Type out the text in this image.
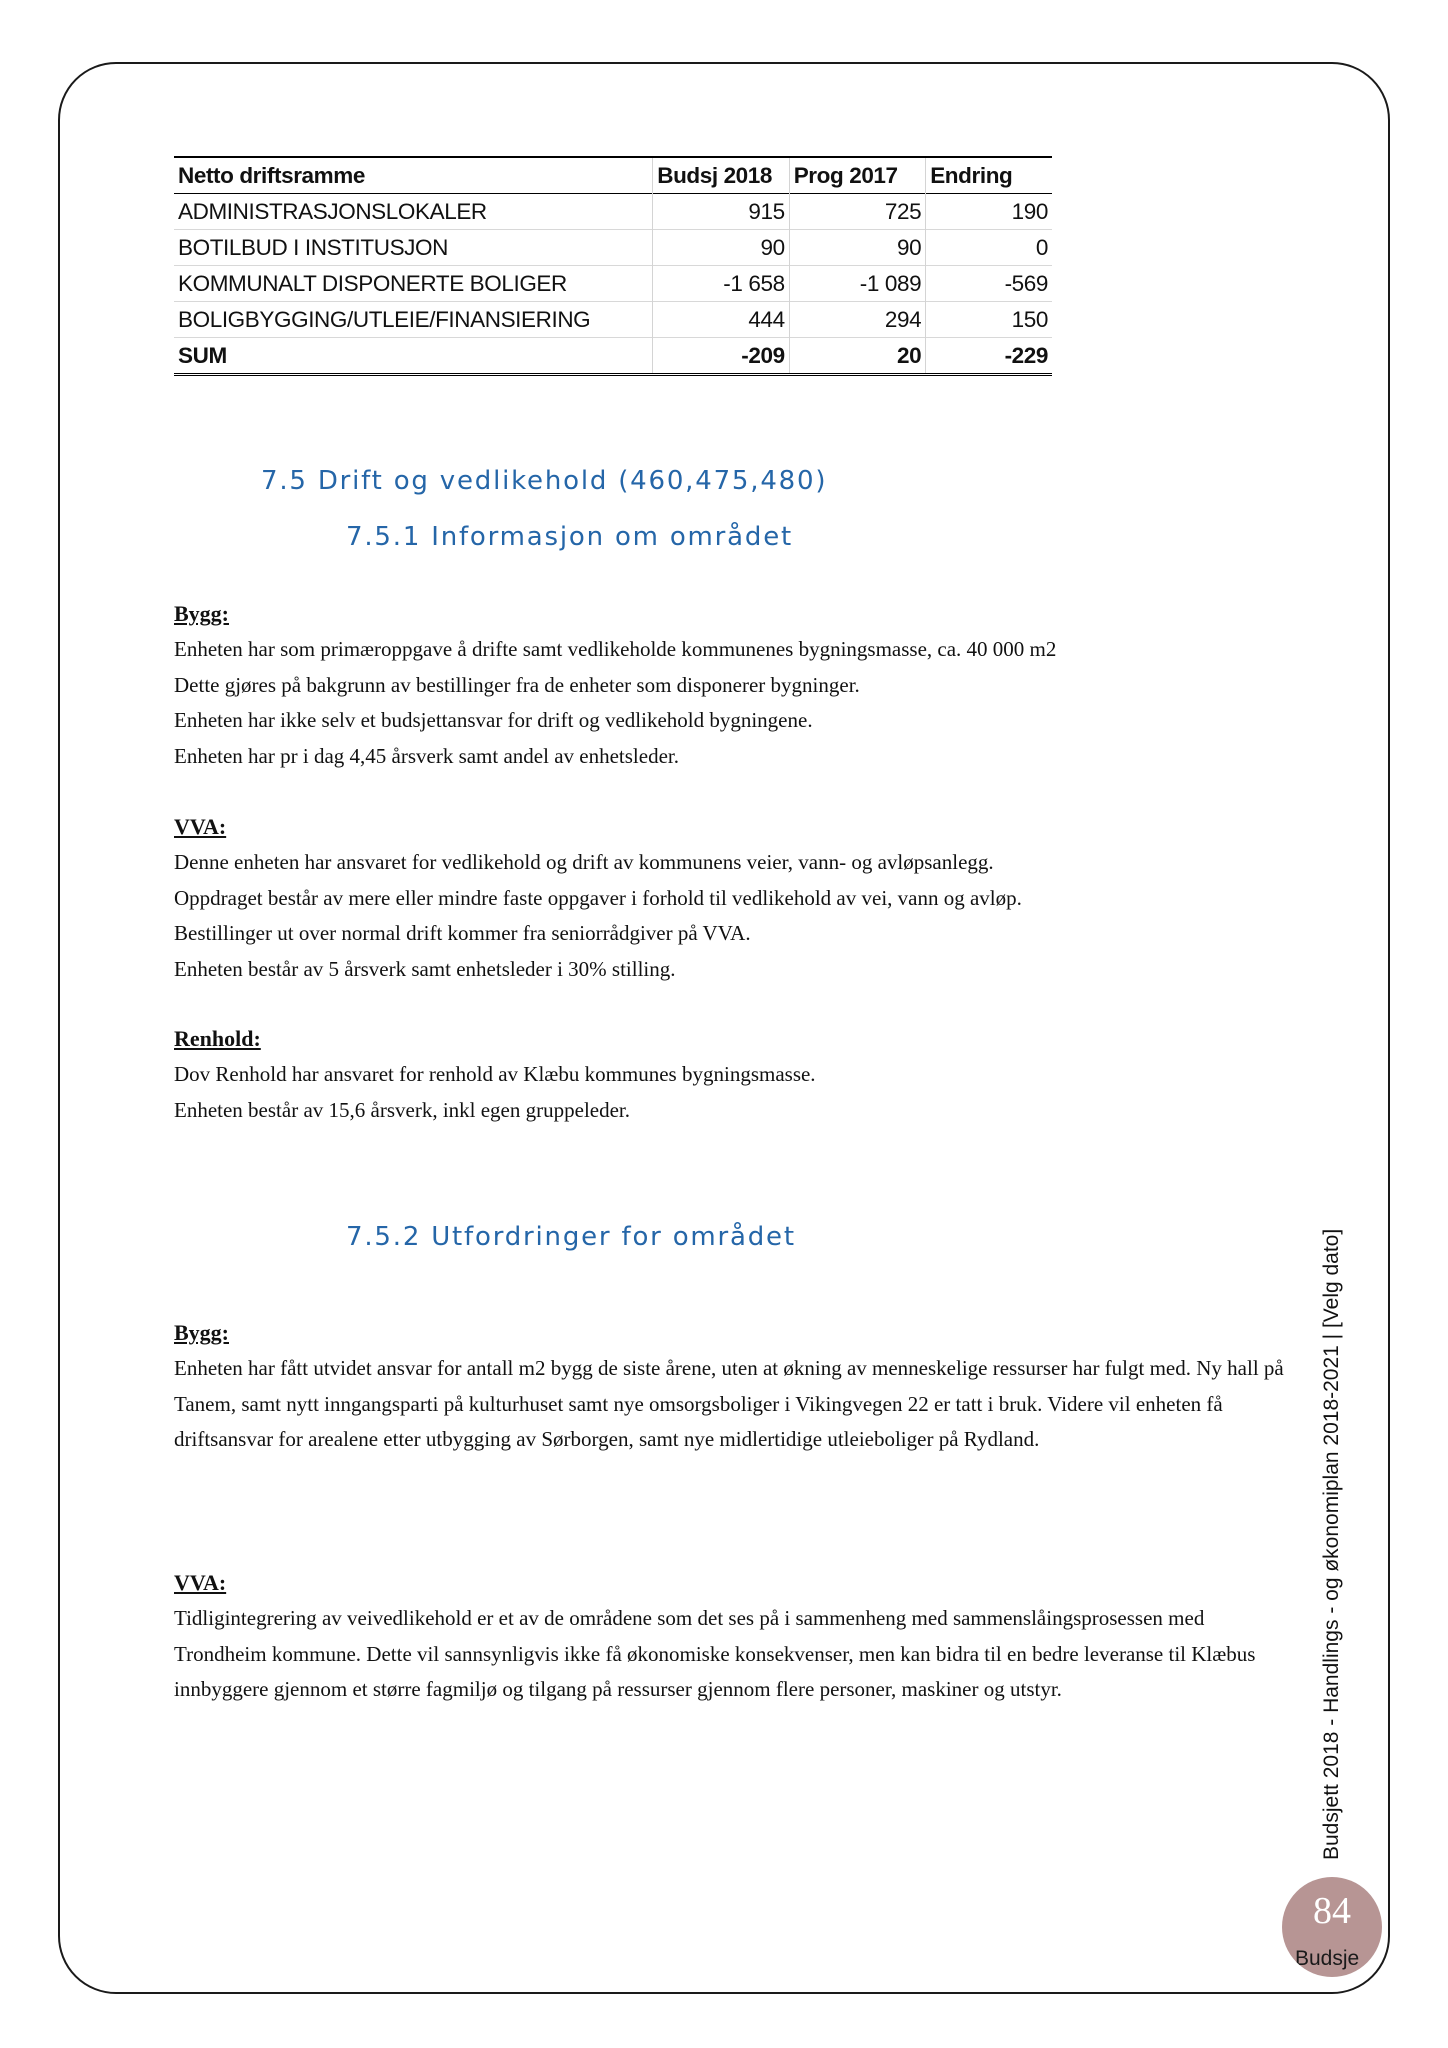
Netto driftsramme	Budsj 2018	Prog 2017	Endring
ADMINISTRASJONSLOKALER	915	725	190
BOTILBUD I INSTITUSJON	90	90	0
KOMMUNALT DISPONERTE BOLIGER	-1 658	-1 089	-569
BOLIGBYGGING/UTLEIE/FINANSIERING	444	294	150
SUM	-209	20	-229
7.5 Drift og vedlikehold (460,475,480)
7.5.1 Informasjon om området
Bygg:

Enheten har som primæroppgave å drifte samt vedlikeholde kommunenes bygningsmasse, ca. 40 000 m2
Dette gjøres på bakgrunn av bestillinger fra de enheter som disponerer bygninger.
Enheten har ikke selv et budsjettansvar for drift og vedlikehold bygningene.
Enheten har pr i dag 4,45 årsverk samt andel av enhetsleder.

VVA:

Denne enheten har ansvaret for vedlikehold og drift av kommunens veier, vann- og avløpsanlegg.
Oppdraget består av mere eller mindre faste oppgaver i forhold til vedlikehold av vei, vann og avløp.
Bestillinger ut over normal drift kommer fra seniorrådgiver på VVA.
Enheten består av 5 årsverk samt enhetsleder i 30% stilling.

Renhold:

Dov Renhold har ansvaret for renhold av Klæbu kommunes bygningsmasse.
Enheten består av 15,6 årsverk, inkl egen gruppeleder.

7.5.2 Utfordringer for området
Bygg:

Enheten har fått utvidet ansvar for antall m2 bygg de siste årene, uten at økning av menneskelige ressurser har fulgt med. Ny hall på Tanem, samt nytt inngangsparti på kulturhuset samt nye omsorgsboliger i Vikingvegen 22 er tatt i bruk. Videre vil enheten få driftsansvar for arealene etter utbygging av Sørborgen, samt nye midlertidige utleieboliger på Rydland.

VVA:

Tidligintegrering av veivedlikehold er et av de områdene som det ses på i sammenheng med sammenslåingsprosessen med Trondheim kommune. Dette vil sannsynligvis ikke få økonomiske konsekvenser, men kan bidra til en bedre leveranse til Klæbus innbyggere gjennom et større fagmiljø og tilgang på ressurser gjennom flere personer, maskiner og utstyr.	Budsjett 2018 - Handlings - og økonomiplan 2018-2021 | [Velg dato]
84
Budsje
